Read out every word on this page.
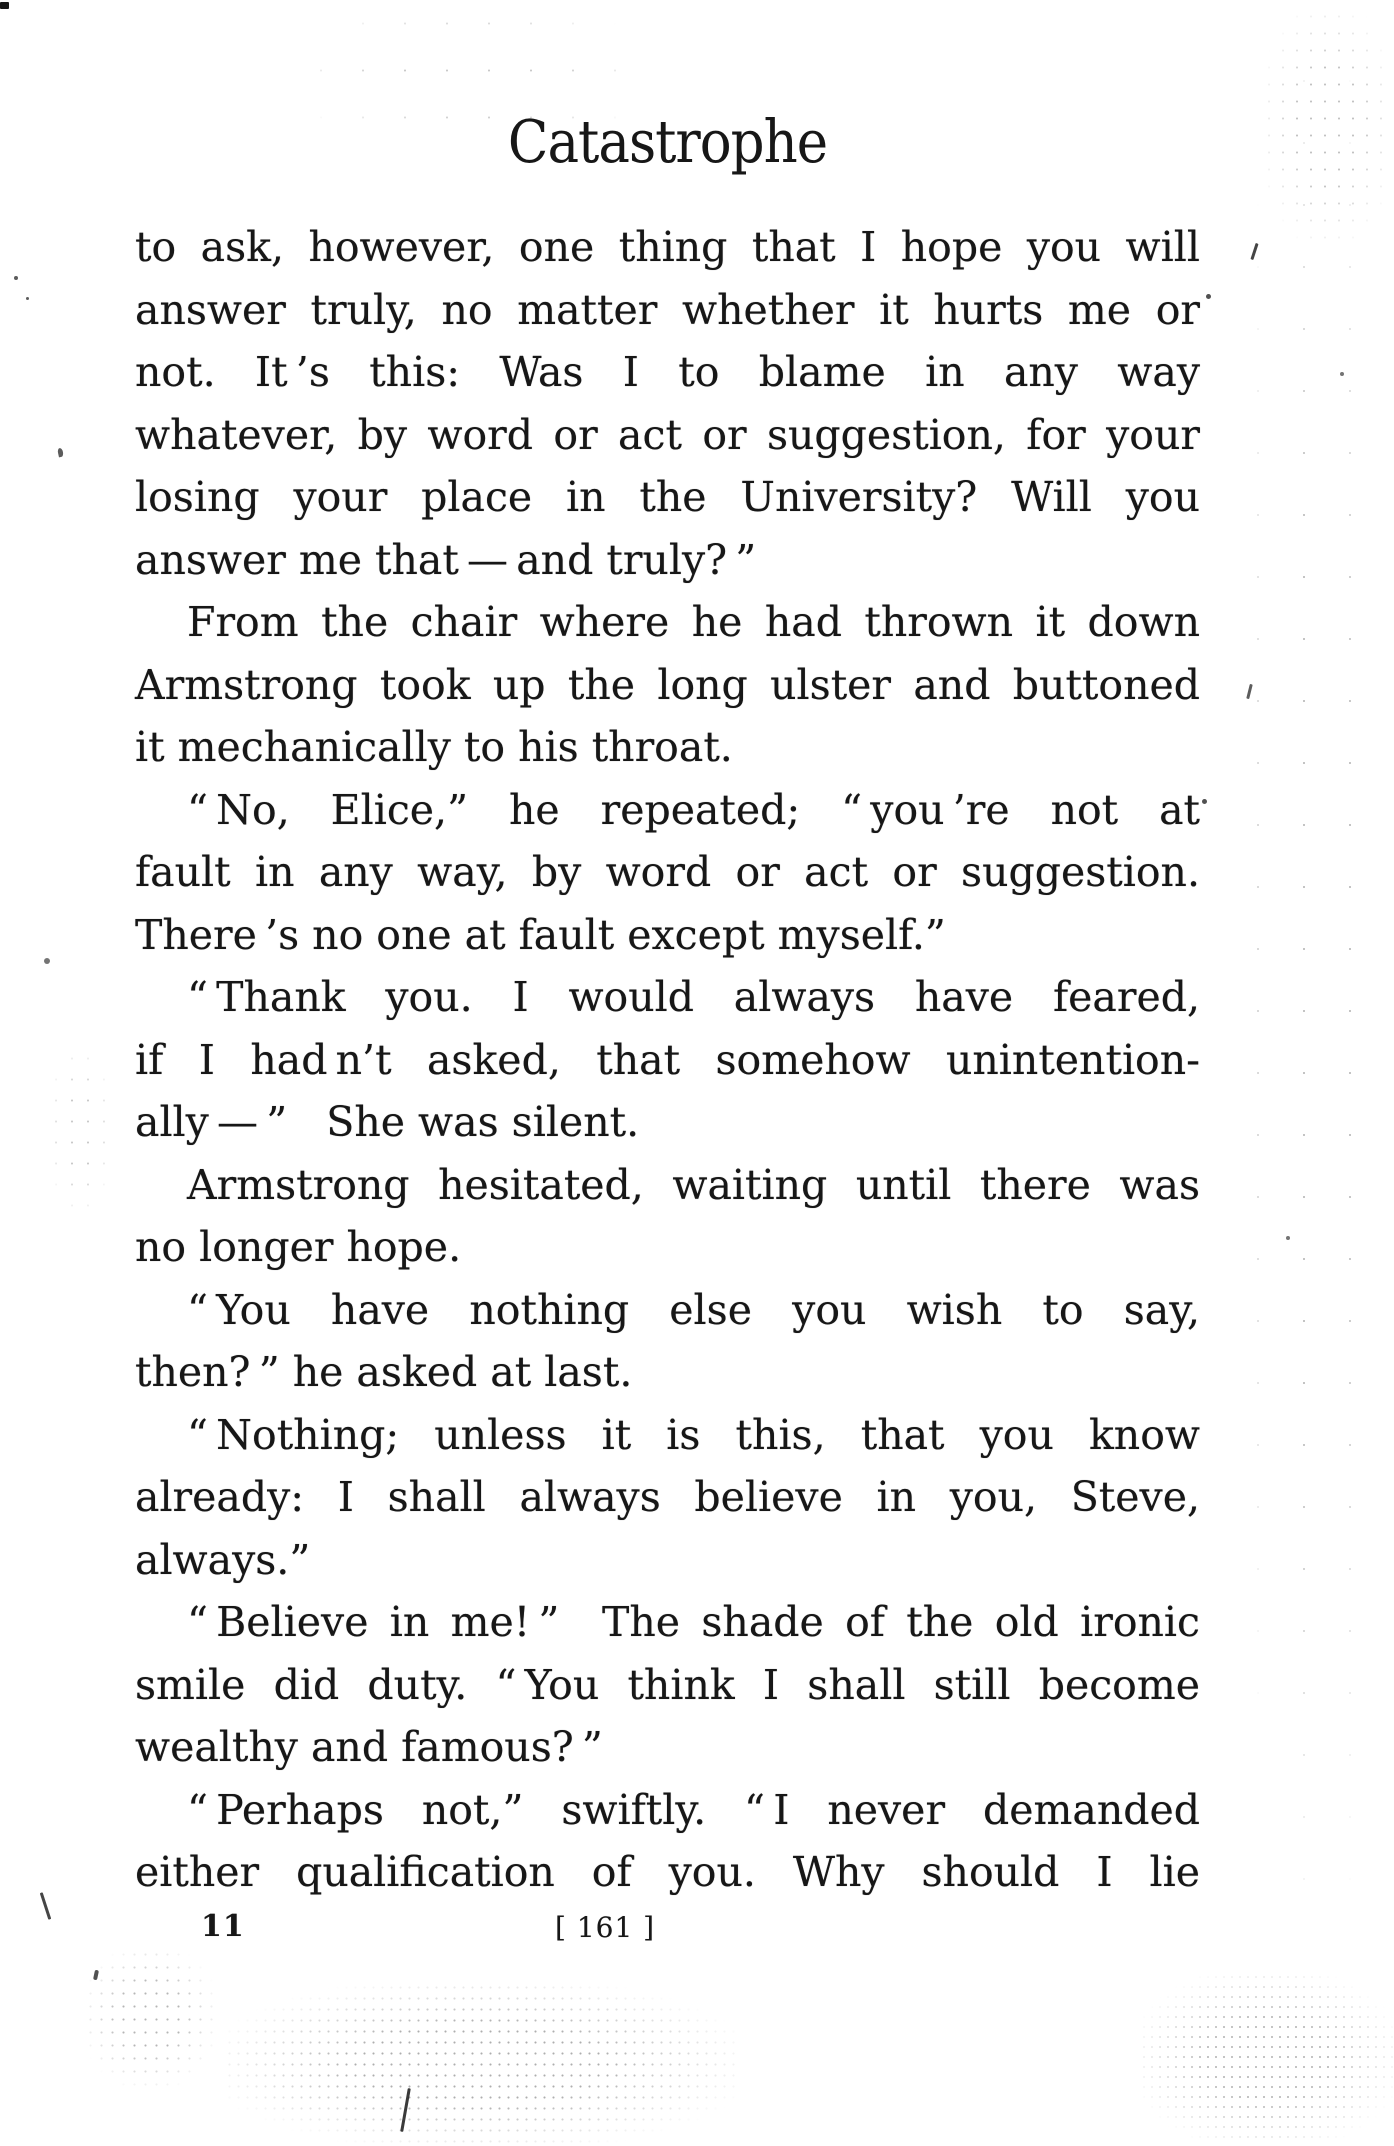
Catastrophe
to ask, however, one thing that I hope you will
answer truly, no matter whether it hurts me or
not. It ’s this: Was I to blame in any way
whatever, by word or act or suggestion, for your
losing your place in the University? Will you
answer me that — and truly? ”
From the chair where he had thrown it down
Armstrong took up the long ulster and buttoned
it mechanically to his throat.
“ No, Elice,” he repeated; “ you ’re not at
fault in any way, by word or act or suggestion.
There ’s no one at fault except myself.”
“ Thank you. I would always have feared,
if I had n’t asked, that somehow unintention-
ally — ”   She was silent.
Armstrong hesitated, waiting until there was
no longer hope.
“ You have nothing else you wish to say,
then? ” he asked at last.
“ Nothing; unless it is this, that you know
already: I shall always believe in you, Steve,
always.”
“ Believe in me! ”  The shade of the old ironic
smile did duty. “ You think I shall still become
wealthy and famous? ”
“ Perhaps not,” swiftly. “ I never demanded
either qualification of you. Why should I lie
11	[ 161 ]
